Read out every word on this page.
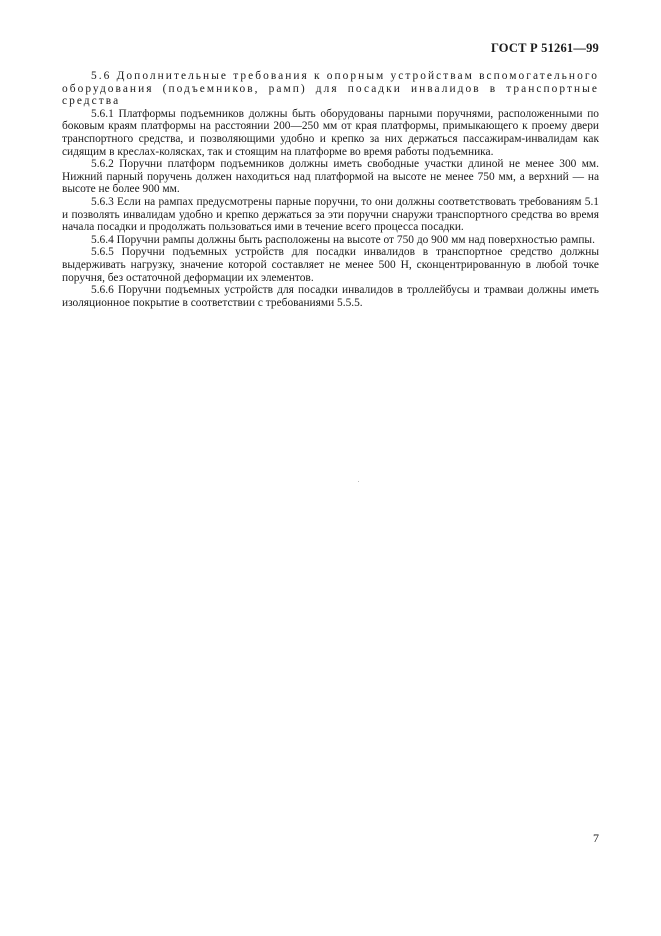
ГОСТ Р 51261—99

5.6 Дополнительные требования к опорным устройствам вспомогательного оборудования (подъемников, рамп) для посадки инвалидов в транспортные средства

5.6.1 Платформы подъемников должны быть оборудованы парными поручнями, расположенными по боковым краям платформы на расстоянии 200—250 мм от края платформы, примыкающего к проему двери транспортного средства, и позволяющими удобно и крепко за них держаться пассажирам-инвалидам как сидящим в креслах-колясках, так и стоящим на платформе во время работы подъемника.

5.6.2 Поручни платформ подъемников должны иметь свободные участки длиной не менее 300 мм. Нижний парный поручень должен находиться над платформой на высоте не менее 750 мм, а верхний — на высоте не более 900 мм.

5.6.3 Если на рампах предусмотрены парные поручни, то они должны соответствовать требованиям 5.1 и позволять инвалидам удобно и крепко держаться за эти поручни снаружи транспортного средства во время начала посадки и продолжать пользоваться ими в течение всего процесса посадки.

5.6.4 Поручни рампы должны быть расположены на высоте от 750 до 900 мм над поверхностью рампы.

5.6.5 Поручни подъемных устройств для посадки инвалидов в транспортное средство должны выдерживать нагрузку, значение которой составляет не менее 500 Н, сконцентрированную в любой точке поручня, без остаточной деформации их элементов.

5.6.6 Поручни подъемных устройств для посадки инвалидов в троллейбусы и трамваи должны иметь изоляционное покрытие в соответствии с требованиями 5.5.5.

7
